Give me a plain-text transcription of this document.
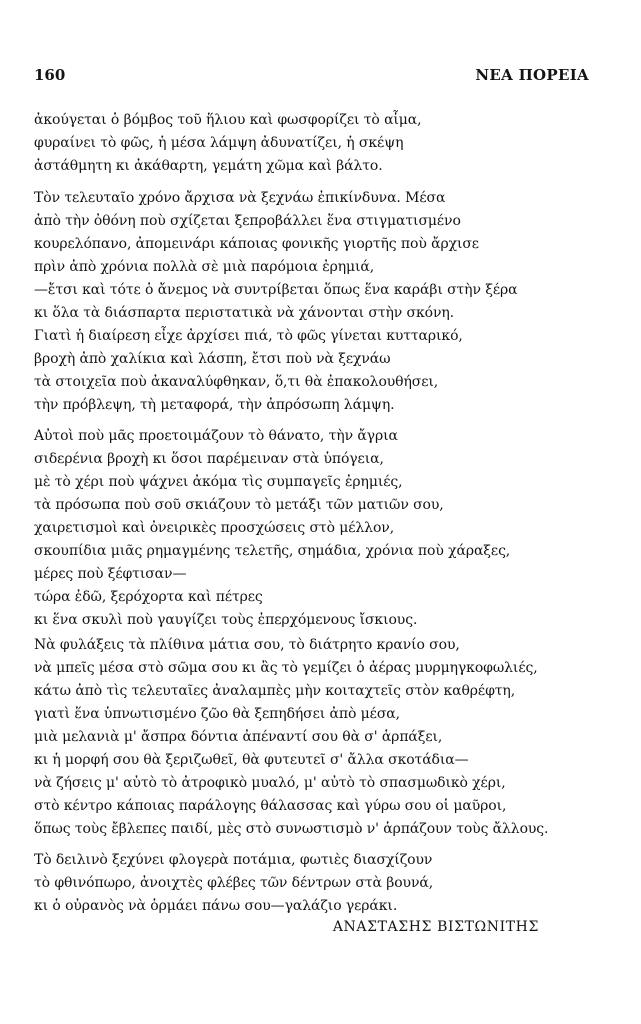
160	ΝΕΑ ΠΟΡΕΙΑ
ἀκούγεται ὁ βόμβος τοῦ ἥλιου καὶ φωσφορίζει τὸ αἷμα,
φυραίνει τὸ φῶς, ἡ μέσα λάμψη ἀδυνατίζει, ἡ σκέψη
ἀστάθμητη κι ἀκάθαρτη, γεμάτη χῶμα καὶ βάλτο.
Τὸν τελευταῖο χρόνο ἄρχισα νὰ ξεχνάω ἐπικίνδυνα. Μέσα
ἀπὸ τὴν ὀθόνη ποὺ σχίζεται ξεπροβάλλει ἕνα στιγματισμένο
κουρελόπανο, ἀπομεινάρι κάποιας φονικῆς γιορτῆς ποὺ ἄρχισε
πρὶν ἀπὸ χρόνια πολλὰ σὲ μιὰ παρόμοια ἐρημιά,
—ἔτσι καὶ τότε ὁ ἄνεμος νὰ συντρίβεται ὅπως ἕνα καράβι στὴν ξέρα
κι ὅλα τὰ διάσπαρτα περιστατικὰ νὰ χάνονται στὴν σκόνη.
Γιατὶ ἡ διαίρεση εἶχε ἀρχίσει πιά, τὸ φῶς γίνεται κυτταρικό,
βροχὴ ἀπὸ χαλίκια καὶ λάσπη, ἔτσι ποὺ νὰ ξεχνάω
τὰ στοιχεῖα ποὺ ἀκαναλύφθηκαν, ὅ,τι θὰ ἐπακολουθήσει,
τὴν πρόβλεψη, τὴ μεταφορά, τὴν ἀπρόσωπη λάμψη.
Αὐτοὶ ποὺ μᾶς προετοιμάζουν τὸ θάνατο, τὴν ἄγρια
σιδερένια βροχὴ κι ὅσοι παρέμειναν στὰ ὑπόγεια,
μὲ τὸ χέρι ποὺ ψάχνει ἀκόμα τὶς συμπαγεῖς ἐρημιές,
τὰ πρόσωπα ποὺ σοῦ σκιάζουν τὸ μετάξι τῶν ματιῶν σου,
χαιρετισμοὶ καὶ ὀνειρικὲς προσχώσεις στὸ μέλλον,
σκουπίδια μιᾶς ρημαγμένης τελετῆς, σημάδια, χρόνια ποὺ χάραξες,
μέρες ποὺ ξέφτισαν—
τώρα ἐδῶ, ξερόχορτα καὶ πέτρες
κι ἕνα σκυλὶ ποὺ γαυγίζει τοὺς ἐπερχόμενους ἴσκιους.
Νὰ φυλάξεις τὰ πλίθινα μάτια σου, τὸ διάτρητο κρανίο σου,
νὰ μπεῖς μέσα στὸ σῶμα σου κι ἂς τὸ γεμίζει ὁ ἀέρας μυρμηγκοφωλιές,
κάτω ἀπὸ τὶς τελευταῖες ἀναλαμπὲς μὴν κοιταχτεῖς στὸν καθρέφτη,
γιατὶ ἕνα ὑπνωτισμένο ζῶο θὰ ξεπηδήσει ἀπὸ μέσα,
μιὰ μελανιὰ μ' ἄσπρα δόντια ἀπέναντί σου θὰ σ' ἁρπάξει,
κι ἡ μορφή σου θὰ ξεριζωθεῖ, θὰ φυτευτεῖ σ' ἄλλα σκοτάδια—
νὰ ζήσεις μ' αὐτὸ τὸ ἀτροφικὸ μυαλό, μ' αὐτὸ τὸ σπασμωδικὸ χέρι,
στὸ κέντρο κάποιας παράλογης θάλασσας καὶ γύρω σου οἱ μαῦροι,
ὅπως τοὺς ἔβλεπες παιδί, μὲς στὸ συνωστισμὸ ν' ἁρπάζουν τοὺς ἄλλους.
Τὸ δειλινὸ ξεχύνει φλογερὰ ποτάμια, φωτιὲς διασχίζουν
τὸ φθινόπωρο, ἀνοιχτὲς φλέβες τῶν δέντρων στὰ βουνά,
κι ὁ οὐρανὸς νὰ ὁρμάει πάνω σου—γαλάζιο γεράκι.
ΑΝΑΣΤΑΣΗΣ ΒΙΣΤΩΝΙΤΗΣ
